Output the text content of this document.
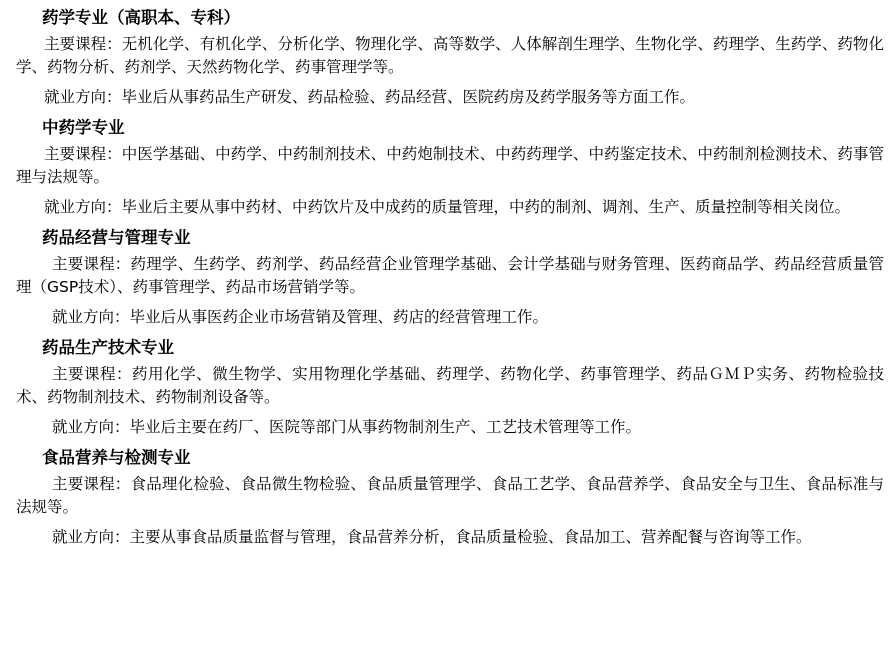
药学专业（高职本、专科）

主要课程：无机化学、有机化学、分析化学、物理化学、高等数学、人体解剖生理学、生物化学、药理学、生药学、药物化学、药物分析、药剂学、天然药物化学、药事管理学等。

就业方向：毕业后从事药品生产研发、药品检验、药品经营、医院药房及药学服务等方面工作。

中药学专业

主要课程：中医学基础、中药学、中药制剂技术、中药炮制技术、中药药理学、中药鉴定技术、中药制剂检测技术、药事管理与法规等。

就业方向：毕业后主要从事中药材、中药饮片及中成药的质量管理，中药的制剂、调剂、生产、质量控制等相关岗位。

药品经营与管理专业

主要课程：药理学、生药学、药剂学、药品经营企业管理学基础、会计学基础与财务管理、医药商品学、药品经营质量管理（GSP技术）、药事管理学、药品市场营销学等。

就业方向：毕业后从事医药企业市场营销及管理、药店的经营管理工作。

药品生产技术专业

主要课程：药用化学、微生物学、实用物理化学基础、药理学、药物化学、药事管理学、药品ＧＭＰ实务、药物检验技术、药物制剂技术、药物制剂设备等。

就业方向：毕业后主要在药厂、医院等部门从事药物制剂生产、工艺技术管理等工作。

食品营养与检测专业

主要课程：食品理化检验、食品微生物检验、食品质量管理学、食品工艺学、食品营养学、食品安全与卫生、食品标准与法规等。

就业方向：主要从事食品质量监督与管理，食品营养分析，食品质量检验、食品加工、营养配餐与咨询等工作。
